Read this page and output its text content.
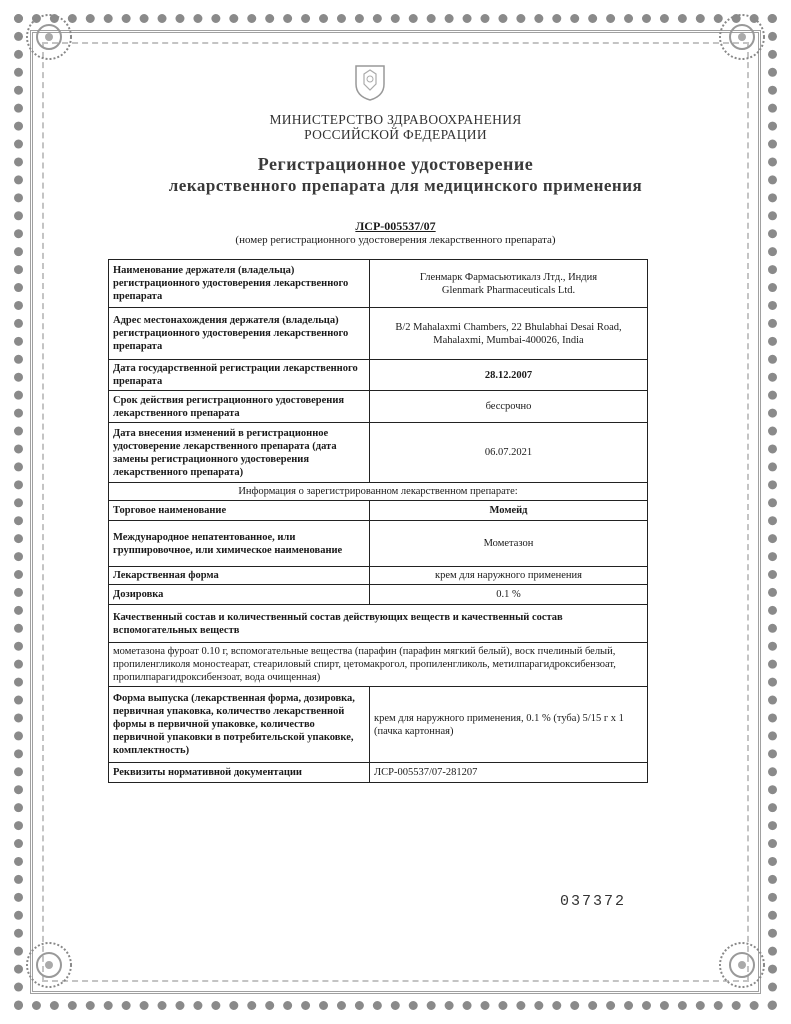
МИНИСТЕРСТВО ЗДРАВООХРАНЕНИЯ
РОССИЙСКОЙ ФЕДЕРАЦИИ
Регистрационное удостоверение
лекарственного препарата для медицинского применения
ЛСР-005537/07
(номер регистрационного удостоверения лекарственного препарата)
Наименование держателя (владельца) регистрационного удостоверения лекарственного препарата	Гленмарк Фармасьютикалз Лтд., Индия
Glenmark Pharmaceuticals Ltd.

Адрес местонахождения держателя (владельца) регистрационного удостоверения лекарственного препарата	B/2 Mahalaxmi Chambers, 22 Bhulabhai Desai Road, Mahalaxmi, Mumbai-400026, India
Дата государственной регистрации лекарственного препарата	28.12.2007
Срок действия регистрационного удостоверения лекарственного препарата	бессрочно
Дата внесения изменений в регистрационное удостоверение лекарственного препарата (дата замены регистрационного удостоверения лекарственного препарата)	06.07.2021
Информация о зарегистрированном лекарственном препарате:	
Торговое наименование	Момейд
Международное непатентованное, или группировочное, или химическое наименование	Мометазон
Лекарственная форма	крем для наружного применения
Дозировка	0.1 %
Качественный состав и количественный состав действующих веществ и качественный состав вспомогательных веществ	
мометазона фуроат 0.10 г, вспомогательные вещества (парафин (парафин мягкий белый), воск пчелиный белый, пропиленгликоля моностеарат, стеариловый спирт, цетомакрогол, пропиленгликоль, метилпарагидроксибензоат, пропилпарагидроксибензоат, вода очищенная)	
Форма выпуска (лекарственная форма, дозировка, первичная упаковка, количество лекарственной формы в первичной упаковке, количество первичной упаковки в потребительской упаковке, комплектность)	крем для наружного применения, 0.1 % (туба) 5/15 г х 1 (пачка картонная)
Реквизиты нормативной документации	ЛСР-005537/07-281207
037372
